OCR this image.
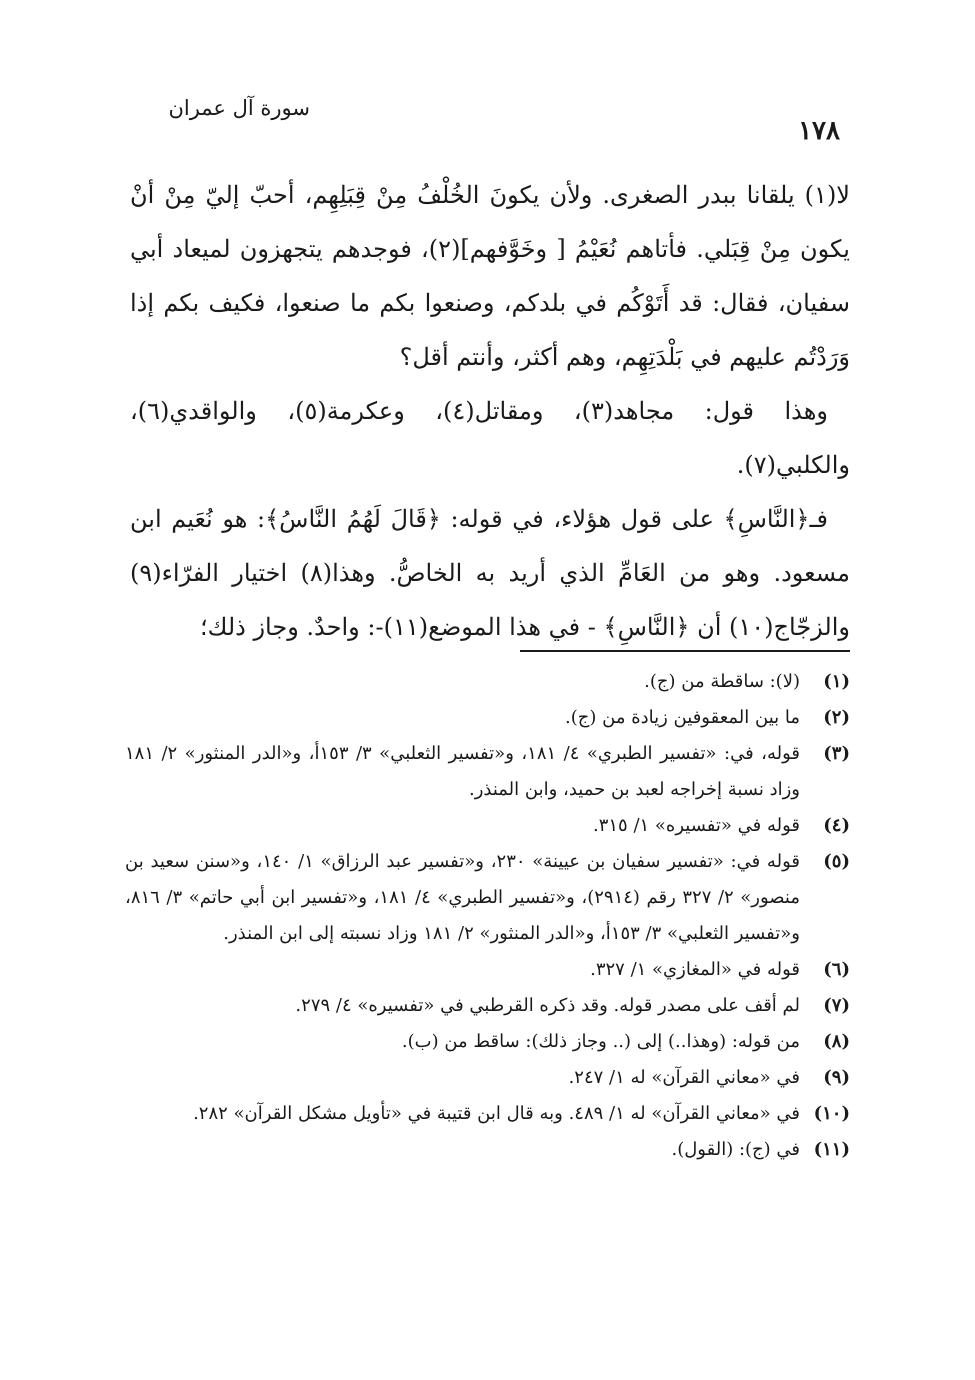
سورة آل عمران
١٧٨

لا(١) يلقانا ببدر الصغرى. ولأن يكونَ الخُلْفُ مِنْ قِبَلِهِم، أحبّ إليّ مِنْ أنْ يكون مِنْ قِبَلي. فأتاهم نُعَيْمُ [ وخَوَّفهم](٢)، فوجدهم يتجهزون لميعاد أبي سفيان، فقال: قد أَتَوْكُم في بلدكم، وصنعوا بكم ما صنعوا، فكيف بكم إذا وَرَدْتُم عليهم في بَلْدَتِهِم، وهم أكثر، وأنتم أقل؟

وهذا قول: مجاهد(٣)، ومقاتل(٤)، وعكرمة(٥)، والواقدي(٦)، والكلبي(٧).

فـ﴿النَّاسِ﴾ على قول هؤلاء، في قوله: ﴿قَالَ لَهُمُ النَّاسُ﴾: هو نُعَيم ابن مسعود. وهو من العَامِّ الذي أريد به الخاصُّ. وهذا(٨) اختيار الفرّاء(٩) والزجّاج(١٠) أن ﴿النَّاسِ﴾ - في هذا الموضع(١١)-: واحدٌ. وجاز ذلك؛

(١)
(لا): ساقطة من (ج).
(٢)
ما بين المعقوفين زيادة من (ج).
(٣)
قوله، في: «تفسير الطبري» ٤/ ١٨١، و«تفسير الثعلبي» ٣/ ١٥٣أ، و«الدر المنثور» ٢/ ١٨١ وزاد نسبة إخراجه لعبد بن حميد، وابن المنذر.
(٤)
قوله في «تفسيره» ١/ ٣١٥.
(٥)
قوله في: «تفسير سفيان بن عيينة» ٢٣٠، و«تفسير عبد الرزاق» ١/ ١٤٠، و«سنن سعيد بن منصور» ٢/ ٣٢٧ رقم (٢٩١٤)، و«تفسير الطبري» ٤/ ١٨١، و«تفسير ابن أبي حاتم» ٣/ ٨١٦، و«تفسير الثعلبي» ٣/ ١٥٣أ، و«الدر المنثور» ٢/ ١٨١ وزاد نسبته إلى ابن المنذر.
(٦)
قوله في «المغازي» ١/ ٣٢٧.
(٧)
لم أقف على مصدر قوله. وقد ذكره القرطبي في «تفسيره» ٤/ ٢٧٩.
(٨)
من قوله: (وهذا..) إلى (.. وجاز ذلك): ساقط من (ب).
(٩)
في «معاني القرآن» له ١/ ٢٤٧.
(١٠)
في «معاني القرآن» له ١/ ٤٨٩. وبه قال ابن قتيبة في «تأويل مشكل القرآن» ٢٨٢.
(١١)
في (ج): (القول).
